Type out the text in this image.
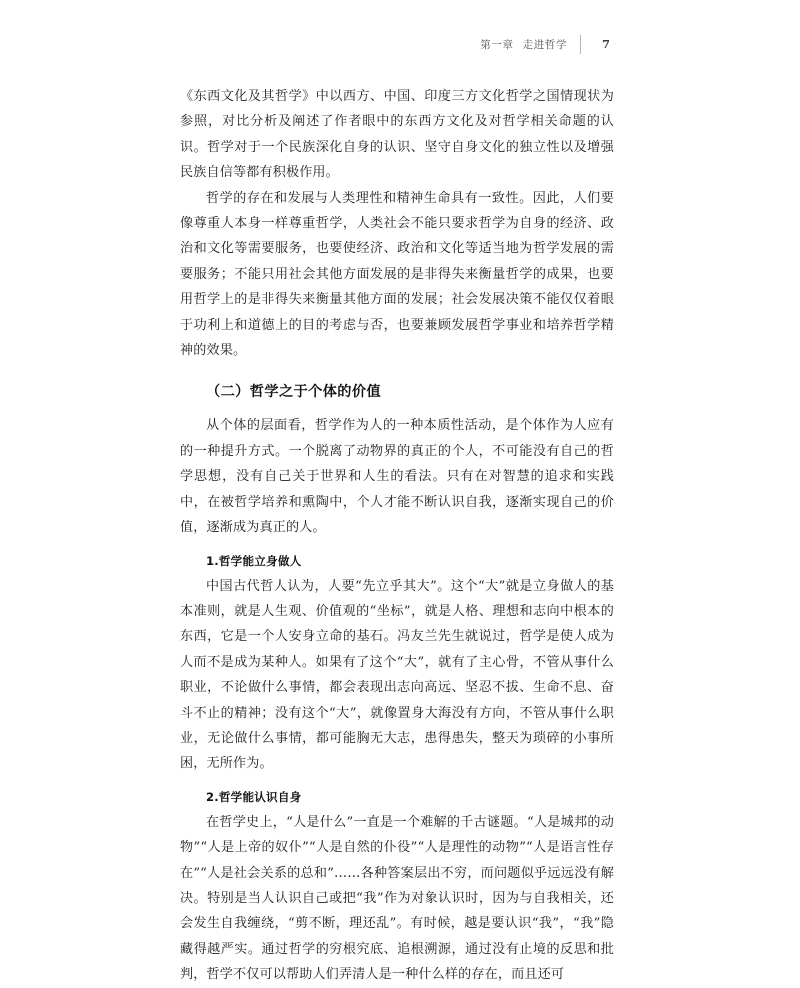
第一章 走进哲学	7

《东西文化及其哲学》中以西方、中国、印度三方文化哲学之国情现状为参照，对比分析及阐述了作者眼中的东西方文化及对哲学相关命题的认识。哲学对于一个民族深化自身的认识、坚守自身文化的独立性以及增强民族自信等都有积极作用。

哲学的存在和发展与人类理性和精神生命具有一致性。因此，人们要像尊重人本身一样尊重哲学，人类社会不能只要求哲学为自身的经济、政治和文化等需要服务，也要使经济、政治和文化等适当地为哲学发展的需要服务；不能只用社会其他方面发展的是非得失来衡量哲学的成果，也要用哲学上的是非得失来衡量其他方面的发展；社会发展决策不能仅仅着眼于功利上和道德上的目的考虑与否，也要兼顾发展哲学事业和培养哲学精神的效果。

（二）哲学之于个体的价值

从个体的层面看，哲学作为人的一种本质性活动，是个体作为人应有的一种提升方式。一个脱离了动物界的真正的个人，不可能没有自己的哲学思想，没有自己关于世界和人生的看法。只有在对智慧的追求和实践中，在被哲学培养和熏陶中，个人才能不断认识自我，逐渐实现自己的价值，逐渐成为真正的人。

1.哲学能立身做人

中国古代哲人认为，人要“先立乎其大”。这个“大”就是立身做人的基本准则，就是人生观、价值观的“坐标”，就是人格、理想和志向中根本的东西，它是一个人安身立命的基石。冯友兰先生就说过，哲学是使人成为人而不是成为某种人。如果有了这个“大”，就有了主心骨，不管从事什么职业，不论做什么事情，都会表现出志向高远、坚忍不拔、生命不息、奋斗不止的精神；没有这个“大”，就像置身大海没有方向，不管从事什么职业，无论做什么事情，都可能胸无大志，患得患失，整天为琐碎的小事所困，无所作为。

2.哲学能认识自身

在哲学史上，“人是什么”一直是一个难解的千古谜题。“人是城邦的动物”“人是上帝的奴仆”“人是自然的仆役”“人是理性的动物”“人是语言性存在”“人是社会关系的总和”……各种答案层出不穷，而问题似乎远远没有解决。特别是当人认识自己或把“我”作为对象认识时，因为与自我相关，还会发生自我缠绕，“剪不断，理还乱”。有时候，越是要认识“我”，“我”隐藏得越严实。通过哲学的穷根究底、追根溯源，通过没有止境的反思和批判，哲学不仅可以帮助人们弄清人是一种什么样的存在，而且还可
